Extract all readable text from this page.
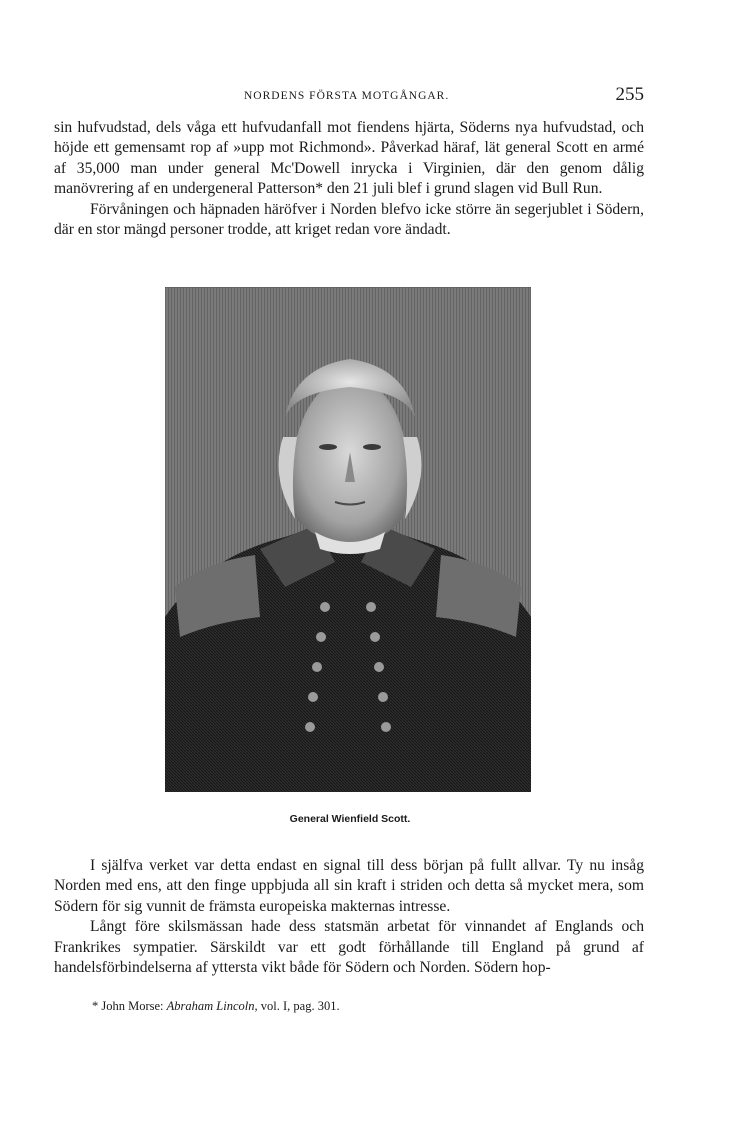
NORDENS FÖRSTA MOTGÅNGAR.	255

sin hufvudstad, dels våga ett hufvudanfall mot fiendens hjärta, Söderns nya hufvudstad, och höjde ett gemensamt rop af »upp mot Richmond». Påverkad häraf, lät general Scott en armé af 35,000 man under general Mc'Dowell inrycka i Virginien, där den genom dålig manövrering af en undergeneral Patterson* den 21 juli blef i grund slagen vid Bull Run.

Förvåningen och häpnaden häröfver i Norden blefvo icke större än segerjublet i Södern, där en stor mängd personer trodde, att kriget redan vore ändadt.

General Wienfield Scott.

I själfva verket var detta endast en signal till dess början på fullt allvar. Ty nu insåg Norden med ens, att den finge uppbjuda all sin kraft i striden och detta så mycket mera, som Södern för sig vunnit de främsta europeiska makternas intresse.

Långt före skilsmässan hade dess statsmän arbetat för vinnandet af Englands och Frankrikes sympatier. Särskildt var ett godt förhållande till England på grund af handelsförbindelserna af yttersta vikt både för Södern och Norden. Södern hop-

* John Morse: Abraham Lincoln, vol. I, pag. 301.
